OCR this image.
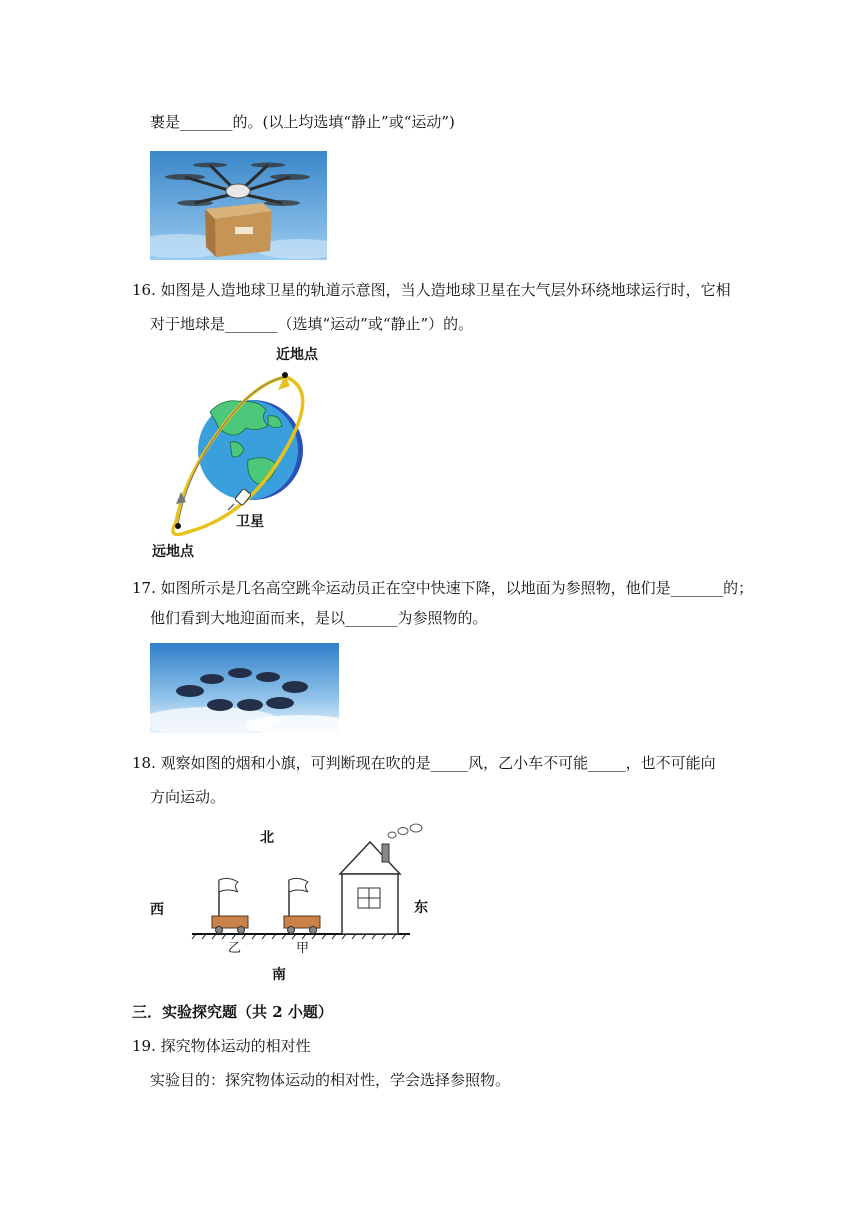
裹是_______的。(以上均选填“静止”或“运动”)
16. 如图是人造地球卫星的轨道示意图，当人造地球卫星在大气层外环绕地球运行时，它相
对于地球是_______（选填“运动”或“静止”）的。
近地点
卫星
远地点
17. 如图所示是几名高空跳伞运动员正在空中快速下降，以地面为参照物，他们是_______的；
他们看到大地迎面而来，是以_______为参照物的。
18. 观察如图的烟和小旗，可判断现在吹的是_____风，乙小车不可能_____，也不可能向
方向运动。
北
西	东
南
乙	甲
三．实验探究题（共 2 小题）
19. 探究物体运动的相对性
实验目的：探究物体运动的相对性，学会选择参照物。
